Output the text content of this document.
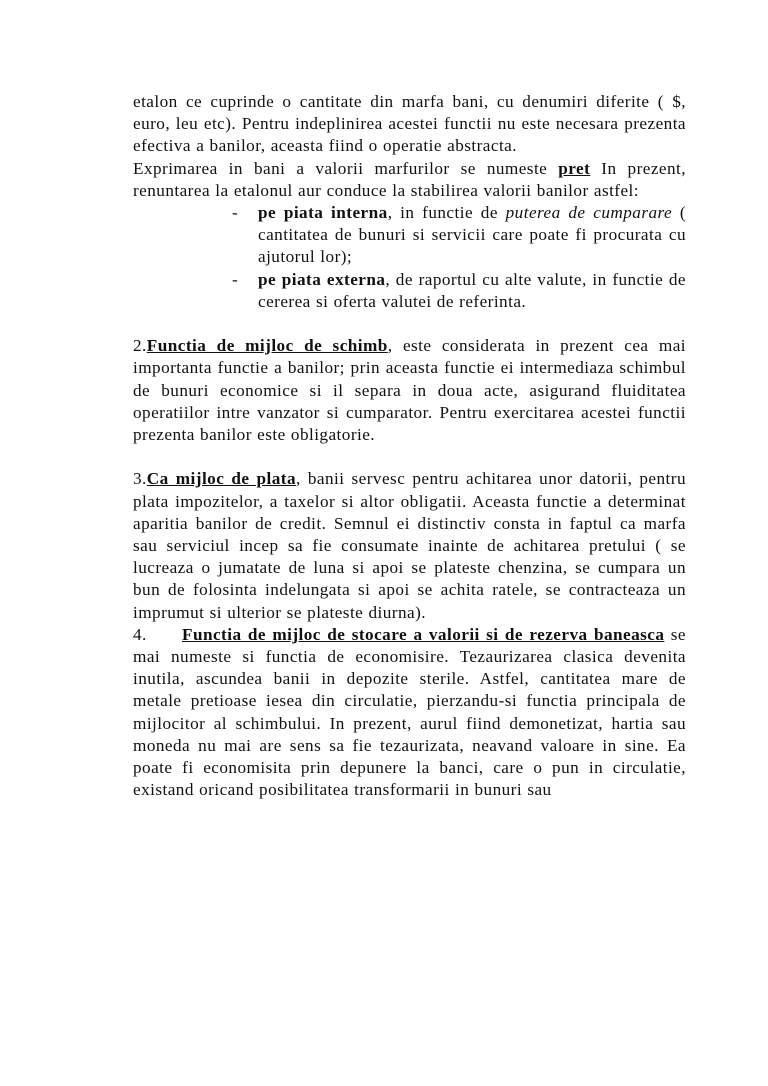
etalon ce cuprinde o cantitate din marfa bani, cu denumiri diferite ( $, euro, leu etc). Pentru indeplinirea acestei functii nu este necesara prezenta efectiva a banilor, aceasta fiind o operatie abstracta.

Exprimarea in bani a valorii marfurilor se numeste pret In prezent, renuntarea la etalonul aur conduce la stabilirea valorii banilor astfel:

- pe piata interna, in functie de puterea de cumparare ( cantitatea de bunuri si servicii care poate fi procurata cu ajutorul lor);
- pe piata externa, de raportul cu alte valute, in functie de cererea si oferta valutei de referinta.

2.Functia de mijloc de schimb, este considerata in prezent cea mai importanta functie a banilor; prin aceasta functie ei intermediaza schimbul de bunuri economice si il separa in doua acte, asigurand fluiditatea operatiilor intre vanzator si cumparator. Pentru exercitarea acestei functii prezenta banilor este obligatorie.

3.Ca mijloc de plata, banii servesc pentru achitarea unor datorii, pentru plata impozitelor, a taxelor si altor obligatii. Aceasta functie a determinat aparitia banilor de credit. Semnul ei distinctiv consta in faptul ca marfa sau serviciul incep sa fie consumate inainte de achitarea pretului ( se lucreaza o jumatate de luna si apoi se plateste chenzina, se cumpara un bun de folosinta indelungata si apoi se achita ratele, se contracteaza un imprumut si ulterior se plateste diurna).

4. Functia de mijloc de stocare a valorii si de rezerva baneasca se mai numeste si functia de economisire. Tezaurizarea clasica devenita inutila, ascundea banii in depozite sterile. Astfel, cantitatea mare de metale pretioase iesea din circulatie, pierzandu-si functia principala de mijlocitor al schimbului. In prezent, aurul fiind demonetizat, hartia sau moneda nu mai are sens sa fie tezaurizata, neavand valoare in sine. Ea poate fi economisita prin depunere la banci, care o pun in circulatie, existand oricand posibilitatea transformarii in bunuri sau
